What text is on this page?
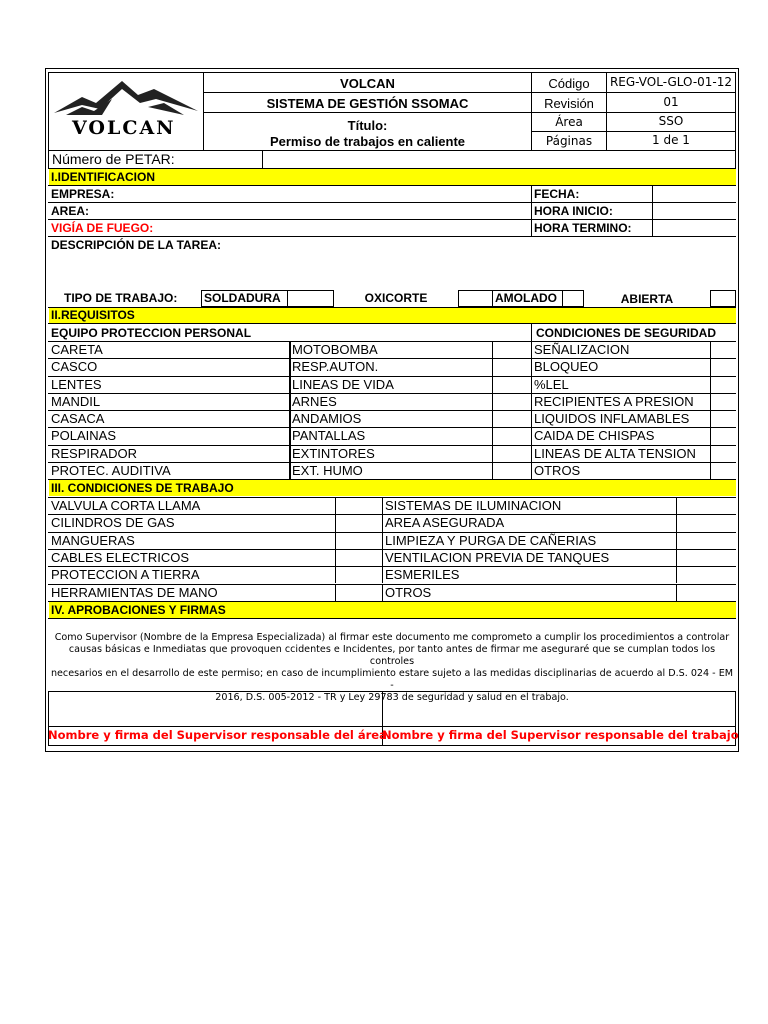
VOLCAN
VOLCAN
SISTEMA DE GESTIÓN SSOMAC
Título:
Permiso de trabajos en caliente
Código	REG-VOL-GLO-01-12
Revisión	01
Área	SSO
Páginas	1 de 1
Número de PETAR:
I.IDENTIFICACION
EMPRESA:	FECHA:
AREA:	HORA INICIO:
VIGÍA DE FUEGO:	HORA TERMINO:
DESCRIPCIÓN DE LA TAREA:
TIPO DE TRABAJO: SOLDADURA	OXICORTE	AMOLADO	ABIERTA
II.REQUISITOS
EQUIPO PROTECCION PERSONAL	CONDICIONES DE SEGURIDAD
CARETA	MOTOBOMBA	SEÑALIZACION
CASCO	RESP.AUTON.	BLOQUEO
LENTES	LINEAS DE VIDA	%LEL
MANDIL	ARNES	RECIPIENTES A PRESION
CASACA	ANDAMIOS	LIQUIDOS INFLAMABLES
POLAINAS	PANTALLAS	CAIDA DE CHISPAS
RESPIRADOR	EXTINTORES	LINEAS DE ALTA TENSION
PROTEC. AUDITIVA	EXT. HUMO	OTROS
III. CONDICIONES DE TRABAJO
VALVULA CORTA LLAMA	SISTEMAS DE ILUMINACION
CILINDROS DE GAS	AREA ASEGURADA
MANGUERAS	LIMPIEZA Y PURGA DE CAÑERIAS
CABLES ELECTRICOS	VENTILACION PREVIA DE TANQUES
PROTECCION A TIERRA	ESMERILES
HERRAMIENTAS DE MANO	OTROS
IV. APROBACIONES Y FIRMAS
Como Supervisor (Nombre de la Empresa Especializada) al firmar este documento me comprometo a cumplir los procedimientos a controlar
causas básicas e Inmediatas que provoquen ccidentes e Incidentes, por tanto antes de firmar me aseguraré que se cumplan todos los controles
necesarios en el desarrollo de este permiso; en caso de incumplimiento estare sujeto a las medidas disciplinarias de acuerdo al D.S. 024 - EM -
2016, D.S. 005-2012 - TR y Ley 29783 de seguridad y salud en el trabajo.
Nombre y firma del Supervisor responsable del área
Nombre y firma del Supervisor responsable del trabajo
